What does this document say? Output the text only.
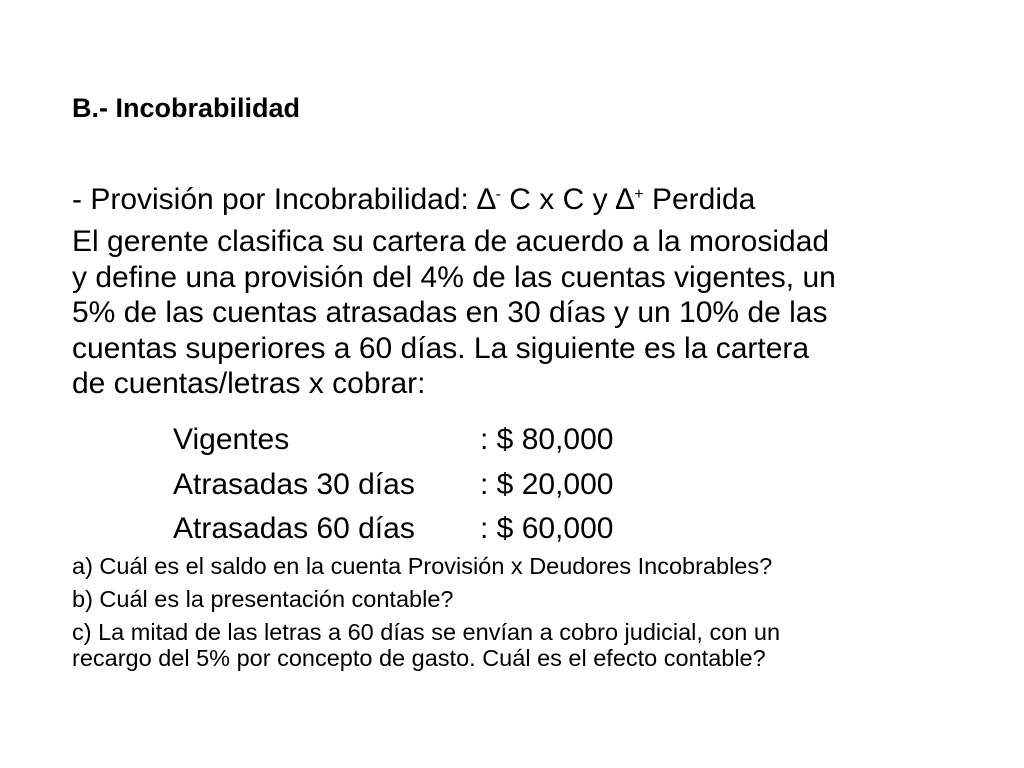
B.- Incobrabilidad
- Provisión por Incobrabilidad: ∆- C x C y ∆+ Perdida
El gerente clasifica su cartera de acuerdo a la morosidad
y define una provisión del 4% de las cuentas vigentes, un
5% de las cuentas atrasadas en 30 días y un 10% de las
cuentas superiores a 60 días. La siguiente es la cartera
de cuentas/letras x cobrar:
Vigentes	: $ 80,000
Atrasadas 30 días	: $ 20,000
Atrasadas 60 días	: $ 60,000
a) Cuál es el saldo en la cuenta Provisión x Deudores Incobrables?
b) Cuál es la presentación contable?
c) La mitad de las letras a 60 días se envían a cobro judicial, con un
recargo del 5% por concepto de gasto. Cuál es el efecto contable?
